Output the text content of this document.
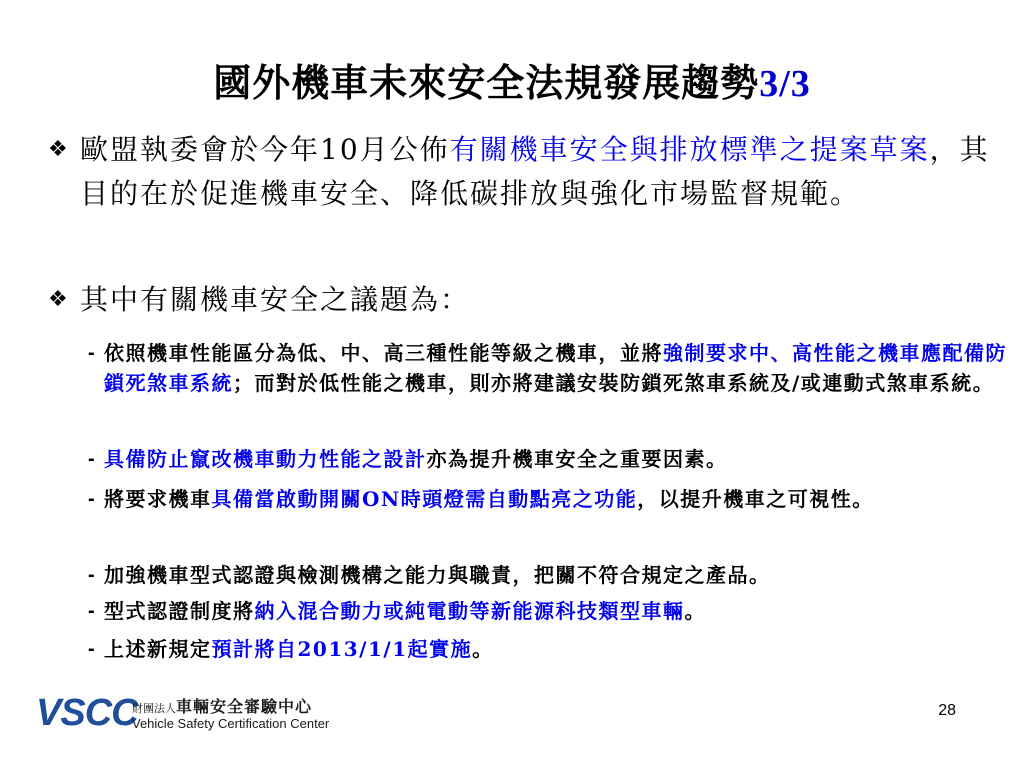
國外機車未來安全法規發展趨勢3/3
❖ 歐盟執委會於今年10月公佈有關機車安全與排放標準之提案草案，其目的在於促進機車安全、降低碳排放與強化市場監督規範。
❖ 其中有關機車安全之議題為：
- 依照機車性能區分為低、中、高三種性能等級之機車，並將強制要求中、高性能之機車應配備防鎖死煞車系統；而對於低性能之機車，則亦將建議安裝防鎖死煞車系統及/或連動式煞車系統。
- 具備防止竄改機車動力性能之設計亦為提升機車安全之重要因素。
- 將要求機車具備當啟動開關ON時頭燈需自動點亮之功能，以提升機車之可視性。
- 加強機車型式認證與檢測機構之能力與職責，把關不符合規定之產品。
- 型式認證制度將納入混合動力或純電動等新能源科技類型車輛。
- 上述新規定預計將自2013/1/1起實施。
VSCC
財團法人車輛安全審驗中心
Vehicle Safety Certification Center
28
